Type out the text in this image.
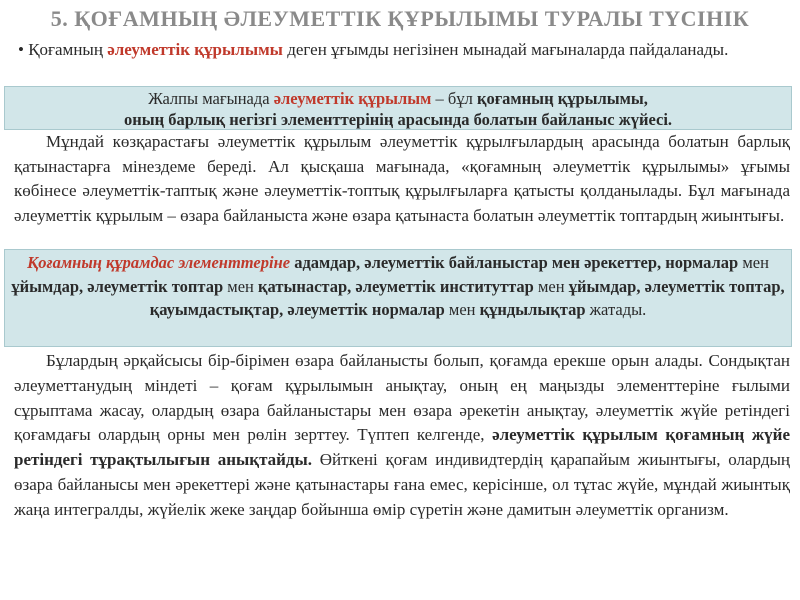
5. ҚОҒАМНЫҢ ӘЛЕУМЕТТІК ҚҰРЫЛЫМЫ ТУРАЛЫ ТҮСІНІК
• Қоғамның әлеуметтік құрылымы деген ұғымды негізінен мынадай мағыналарда пайдаланады.
Жалпы мағынада әлеуметтік құрылым – бұл қоғамның құрылымы,
оның барлық негізгі элементтерінің арасында болатын байланыс жүйесі.
Мұндай көзқарастағы әлеуметтік құрылым әлеуметтік құрылғылардың арасында болатын барлық қатынастарға мінездеме береді. Ал қысқаша мағынада, «қоғамның әлеуметтік құрылымы» ұғымы көбінесе әлеуметтік-таптық және әлеуметтік-топтық құрылғыларға қатысты қолданылады. Бұл мағынада әлеуметтік құрылым – өзара байланыста және өзара қатынаста болатын әлеуметтік топтардың жиынтығы.
Қоғамның құрамдас элементтеріне адамдар, әлеуметтік байланыстар мен әрекеттер, нормалар мен ұйымдар, әлеуметтік топтар мен қатынастар, әлеуметтік институттар мен ұйымдар, әлеуметтік топтар, қауымдастықтар, әлеуметтік нормалар мен құндылықтар жатады.
Бұлардың әрқайсысы бір-бірімен өзара байланысты болып, қоғамда ерекше орын алады. Сондықтан әлеуметтанудың міндеті – қоғам құрылымын анықтау, оның ең маңызды элементтеріне ғылыми сұрыптама жасау, олардың өзара байланыстары мен өзара әрекетін анықтау, әлеуметтік жүйе ретіндегі қоғамдағы олардың орны мен рөлін зерттеу. Түптеп келгенде, әлеуметтік құрылым қоғамның жүйе ретіндегі тұрақтылығын анықтайды. Өйткені қоғам индивидтердің қарапайым жиынтығы, олардың өзара байланысы мен әрекеттері және қатынастары ғана емес, керісінше, ол тұтас жүйе, мұндай жиынтық жаңа интегралды, жүйелік жеке заңдар бойынша өмір сүретін және дамитын әлеуметтік организм.
